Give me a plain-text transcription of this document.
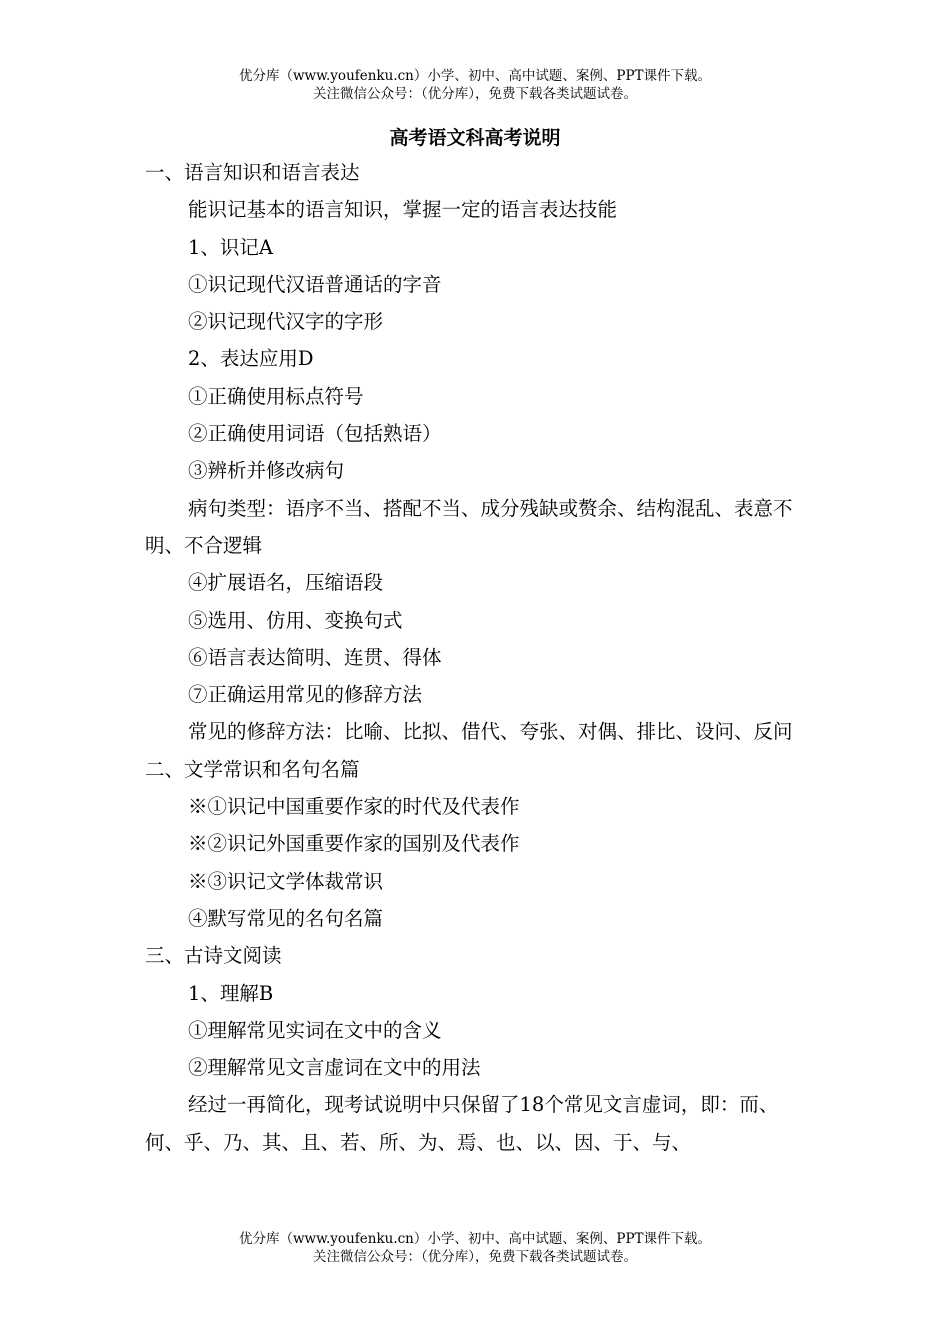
优分库（www.youfenku.cn）小学、初中、高中试题、案例、PPT课件下载。
关注微信公众号：（优分库），免费下载各类试题试卷。
高考语文科高考说明

一、语言知识和语言表达

能识记基本的语言知识，掌握一定的语言表达技能

1、识记A

①识记现代汉语普通话的字音

②识记现代汉字的字形

2、表达应用D

①正确使用标点符号

②正确使用词语（包括熟语）

③辨析并修改病句

病句类型：语序不当、搭配不当、成分残缺或赘余、结构混乱、表意不明、不合逻辑

④扩展语名，压缩语段

⑤选用、仿用、变换句式

⑥语言表达简明、连贯、得体

⑦正确运用常见的修辞方法

常见的修辞方法：比喻、比拟、借代、夸张、对偶、排比、设问、反问

二、文学常识和名句名篇

※①识记中国重要作家的时代及代表作

※②识记外国重要作家的国别及代表作

※③识记文学体裁常识

④默写常见的名句名篇

三、古诗文阅读

1、理解B

①理解常见实词在文中的含义

②理解常见文言虚词在文中的用法

经过一再简化，现考试说明中只保留了18个常见文言虚词，即：而、何、乎、乃、其、且、若、所、为、焉、也、以、因、于、与、

优分库（www.youfenku.cn）小学、初中、高中试题、案例、PPT课件下载。
关注微信公众号：（优分库），免费下载各类试题试卷。
